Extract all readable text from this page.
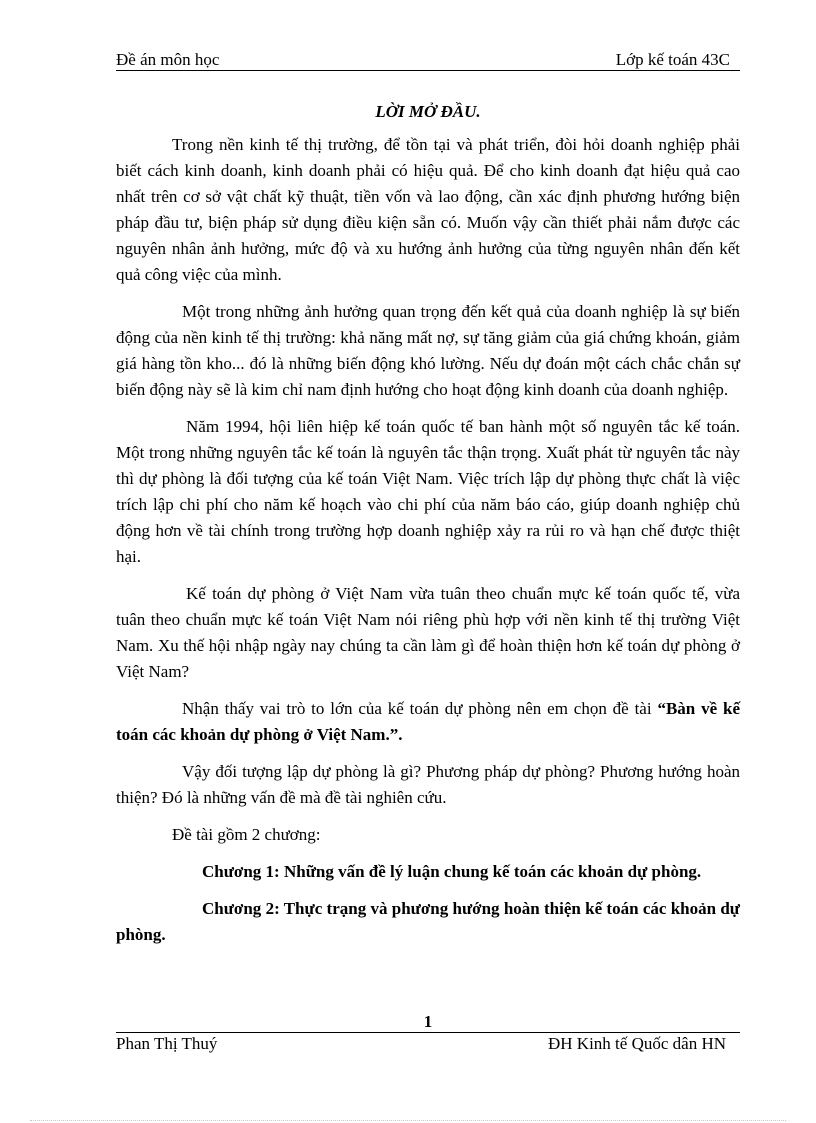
Đề án môn học	Lớp kế toán 43C
LỜI MỞ ĐẦU.

Trong nền kinh tế thị trường, để tồn tại và phát triển, đòi hỏi doanh nghiệp phải biết cách kinh doanh, kinh doanh phải có hiệu quả. Để cho kinh doanh đạt hiệu quả cao nhất trên cơ sở vật chất kỹ thuật, tiền vốn và lao động, cần xác định phương hướng biện pháp đầu tư, biện pháp sử dụng điều kiện sẵn có. Muốn vậy cần thiết phải nắm được các nguyên nhân ảnh hưởng, mức độ và xu hướng ảnh hưởng của từng nguyên nhân đến kết quả công việc của mình.

Một trong những ảnh hưởng quan trọng đến kết quả của doanh nghiệp là sự biến động của nền kinh tế thị trường: khả năng mất nợ, sự tăng giảm của giá chứng khoán, giảm giá hàng tồn kho... đó là những biến động khó lường. Nếu dự đoán một cách chắc chắn sự biến động này sẽ là kim chỉ nam định hướng cho hoạt động kinh doanh của doanh nghiệp.

Năm 1994, hội liên hiệp kế toán quốc tế ban hành một số nguyên tắc kế toán. Một trong những nguyên tắc kế toán là nguyên tắc thận trọng. Xuất phát từ nguyên tắc này thì dự phòng là đối tượng của kế toán Việt Nam. Việc trích lập dự phòng thực chất là việc trích lập chi phí cho năm kế hoạch vào chi phí của năm báo cáo, giúp doanh nghiệp chủ động hơn về tài chính trong trường hợp doanh nghiệp xảy ra rủi ro và hạn chế được thiệt hại.

Kế toán dự phòng ở Việt Nam vừa tuân theo chuẩn mực kế toán quốc tế, vừa tuân theo chuẩn mực kế toán Việt Nam nói riêng phù hợp với nền kinh tế thị trường Việt Nam. Xu thế hội nhập ngày nay chúng ta cần làm gì để hoàn thiện hơn kế toán dự phòng ở Việt Nam?

Nhận thấy vai trò to lớn của kế toán dự phòng nên em chọn đề tài “Bàn về kế toán các khoản dự phòng ở Việt Nam.”.

Vậy đối tượng lập dự phòng là gì? Phương pháp dự phòng? Phương hướng hoàn thiện? Đó là những vấn đề mà đề tài nghiên cứu.

Đề tài gồm 2 chương:

Chương 1: Những vấn đề lý luận chung kế toán các khoản dự phòng.

Chương 2: Thực trạng và phương hướng hoàn thiện kế toán các khoản dự phòng.

1
Phan Thị Thuý	ĐH Kinh tế Quốc dân HN
